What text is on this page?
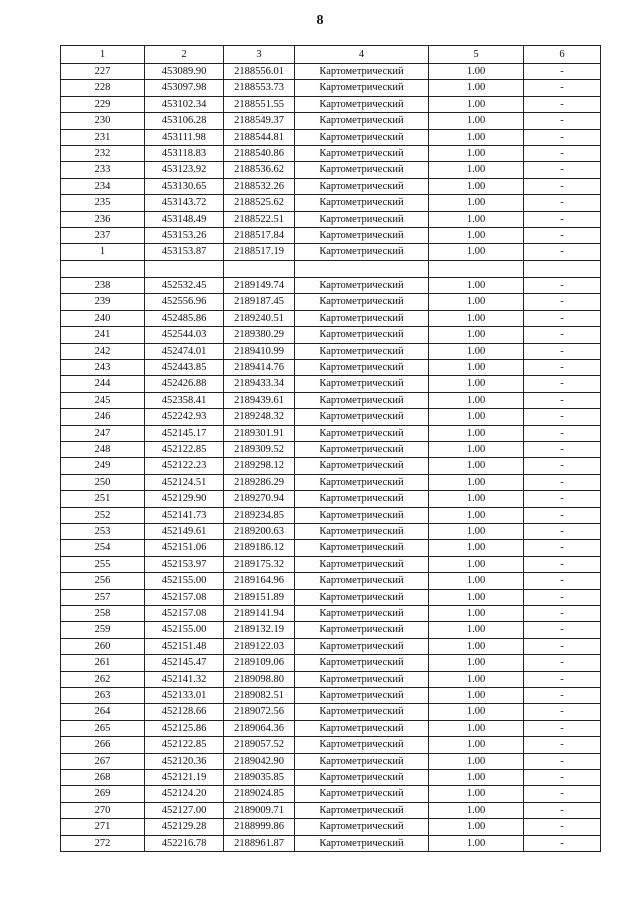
8
1	2	3	4	5	6
227	453089.90	2188556.01	Картометрический	1.00	-
228	453097.98	2188553.73	Картометрический	1.00	-
229	453102.34	2188551.55	Картометрический	1.00	-
230	453106.28	2188549.37	Картометрический	1.00	-
231	453111.98	2188544.81	Картометрический	1.00	-
232	453118.83	2188540.86	Картометрический	1.00	-
233	453123.92	2188536.62	Картометрический	1.00	-
234	453130.65	2188532.26	Картометрический	1.00	-
235	453143.72	2188525.62	Картометрический	1.00	-
236	453148.49	2188522.51	Картометрический	1.00	-
237	453153.26	2188517.84	Картометрический	1.00	-
1	453153.87	2188517.19	Картометрический	1.00	-

238	452532.45	2189149.74	Картометрический	1.00	-
239	452556.96	2189187.45	Картометрический	1.00	-
240	452485.86	2189240.51	Картометрический	1.00	-
241	452544.03	2189380.29	Картометрический	1.00	-
242	452474.01	2189410.99	Картометрический	1.00	-
243	452443.85	2189414.76	Картометрический	1.00	-
244	452426.88	2189433.34	Картометрический	1.00	-
245	452358.41	2189439.61	Картометрический	1.00	-
246	452242.93	2189248.32	Картометрический	1.00	-
247	452145.17	2189301.91	Картометрический	1.00	-
248	452122.85	2189309.52	Картометрический	1.00	-
249	452122.23	2189298.12	Картометрический	1.00	-
250	452124.51	2189286.29	Картометрический	1.00	-
251	452129.90	2189270.94	Картометрический	1.00	-
252	452141.73	2189234.85	Картометрический	1.00	-
253	452149.61	2189200.63	Картометрический	1.00	-
254	452151.06	2189186.12	Картометрический	1.00	-
255	452153.97	2189175.32	Картометрический	1.00	-
256	452155.00	2189164.96	Картометрический	1.00	-
257	452157.08	2189151.89	Картометрический	1.00	-
258	452157.08	2189141.94	Картометрический	1.00	-
259	452155.00	2189132.19	Картометрический	1.00	-
260	452151.48	2189122.03	Картометрический	1.00	-
261	452145.47	2189109.06	Картометрический	1.00	-
262	452141.32	2189098.80	Картометрический	1.00	-
263	452133.01	2189082.51	Картометрический	1.00	-
264	452128.66	2189072.56	Картометрический	1.00	-
265	452125.86	2189064.36	Картометрический	1.00	-
266	452122.85	2189057.52	Картометрический	1.00	-
267	452120.36	2189042.90	Картометрический	1.00	-
268	452121.19	2189035.85	Картометрический	1.00	-
269	452124.20	2189024.85	Картометрический	1.00	-
270	452127.00	2189009.71	Картометрический	1.00	-
271	452129.28	2188999.86	Картометрический	1.00	-
272	452216.78	2188961.87	Картометрический	1.00	-
